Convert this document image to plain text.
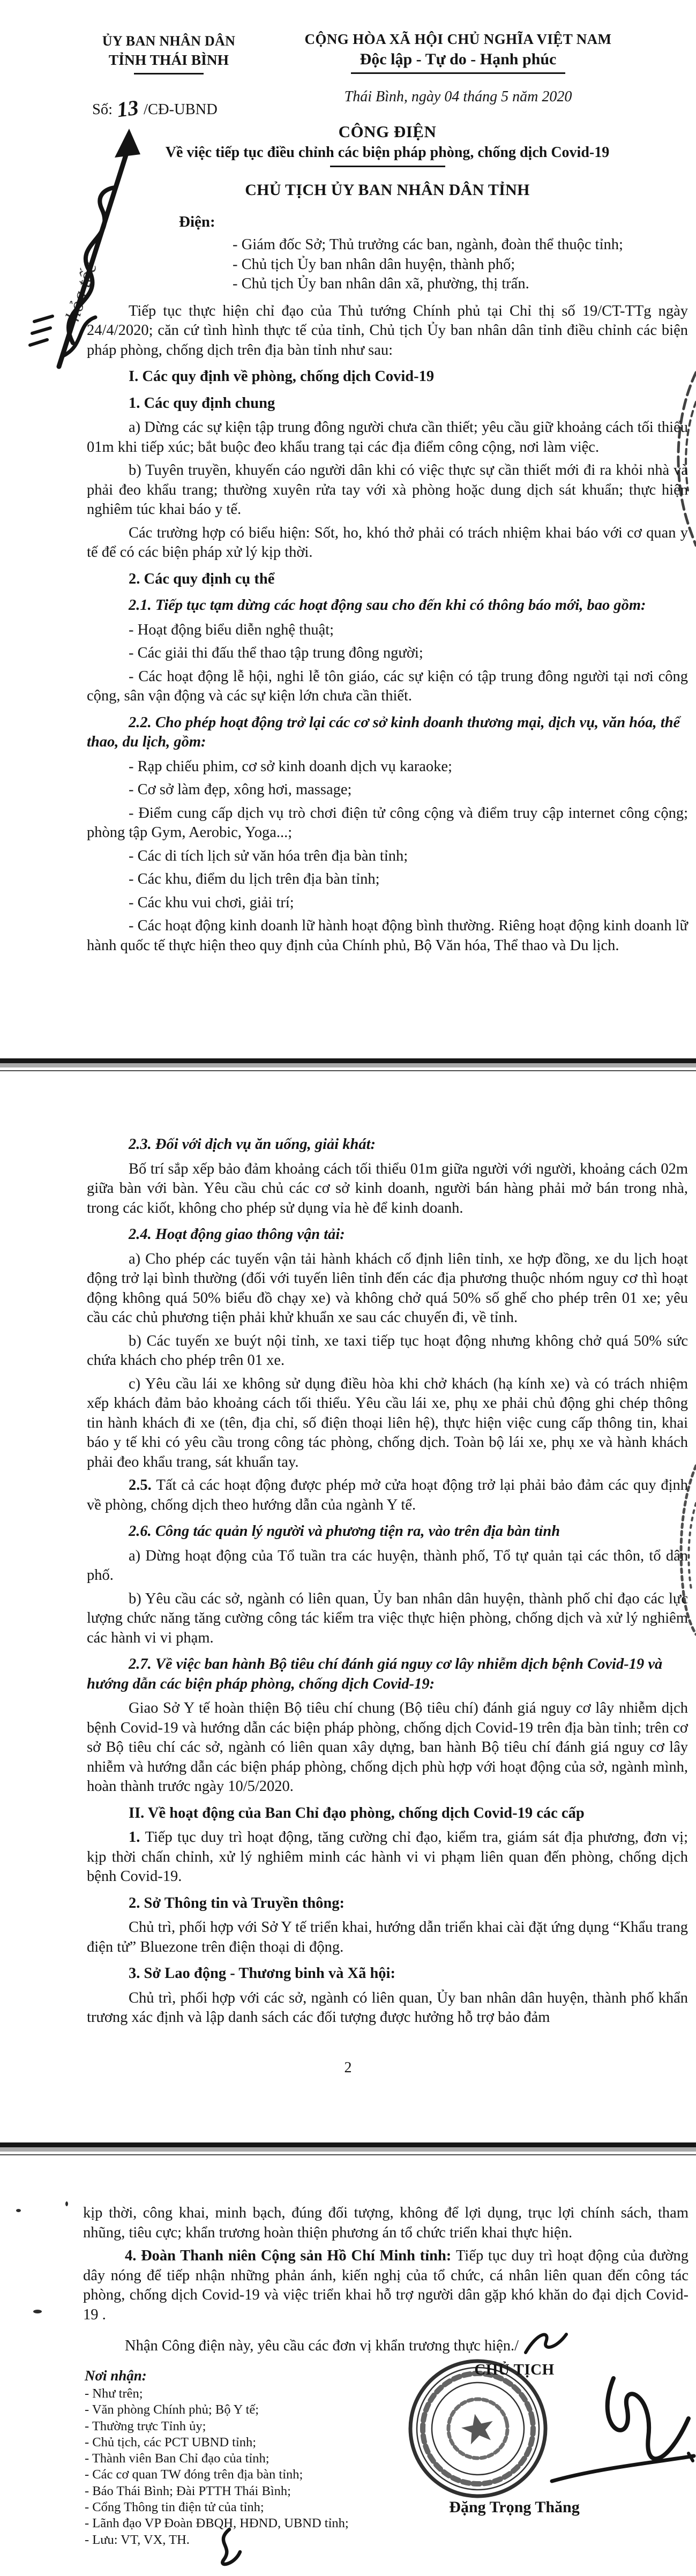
ỦY BAN NHÂN DÂN
TỈNH THÁI BÌNH
Số: 13 /CĐ-UBND
CỘNG HÒA XÃ HỘI CHỦ NGHĨA VIỆT NAM
Độc lập - Tự do - Hạnh phúc
Thái Bình, ngày 04 tháng 5 năm 2020
hỏa tốc
CÔNG ĐIỆN
Về việc tiếp tục điều chỉnh các biện pháp phòng, chống dịch Covid-19
CHỦ TỊCH ỦY BAN NHÂN DÂN TỈNH
Điện:
- Giám đốc Sở; Thủ trưởng các ban, ngành, đoàn thể thuộc tỉnh;
- Chủ tịch Ủy ban nhân dân huyện, thành phố;
- Chủ tịch Ủy ban nhân dân xã, phường, thị trấn.

Tiếp tục thực hiện chỉ đạo của Thủ tướng Chính phủ tại Chỉ thị số 19/CT-TTg ngày 24/4/2020; căn cứ tình hình thực tế của tỉnh, Chủ tịch Ủy ban nhân dân tỉnh điều chỉnh các biện pháp phòng, chống dịch trên địa bàn tỉnh như sau:

I. Các quy định về phòng, chống dịch Covid-19

1. Các quy định chung

a) Dừng các sự kiện tập trung đông người chưa cần thiết; yêu cầu giữ khoảng cách tối thiểu 01m khi tiếp xúc; bắt buộc đeo khẩu trang tại các địa điểm công cộng, nơi làm việc.

b) Tuyên truyền, khuyến cáo người dân khi có việc thực sự cần thiết mới đi ra khỏi nhà và phải đeo khẩu trang; thường xuyên rửa tay với xà phòng hoặc dung dịch sát khuẩn; thực hiện nghiêm túc khai báo y tế.

Các trường hợp có biểu hiện: Sốt, ho, khó thở phải có trách nhiệm khai báo với cơ quan y tế để có các biện pháp xử lý kịp thời.

2. Các quy định cụ thể

2.1. Tiếp tục tạm dừng các hoạt động sau cho đến khi có thông báo mới, bao gồm:

- Hoạt động biểu diễn nghệ thuật;

- Các giải thi đấu thể thao tập trung đông người;

- Các hoạt động lễ hội, nghi lễ tôn giáo, các sự kiện có tập trung đông người tại nơi công cộng, sân vận động và các sự kiện lớn chưa cần thiết.

2.2. Cho phép hoạt động trở lại các cơ sở kinh doanh thương mại, dịch vụ, văn hóa, thể thao, du lịch, gồm:

- Rạp chiếu phim, cơ sở kinh doanh dịch vụ karaoke;

- Cơ sở làm đẹp, xông hơi, massage;

- Điểm cung cấp dịch vụ trò chơi điện tử công cộng và điểm truy cập internet công cộng; phòng tập Gym, Aerobic, Yoga...;

- Các di tích lịch sử văn hóa trên địa bàn tỉnh;

- Các khu, điểm du lịch trên địa bàn tỉnh;

- Các khu vui chơi, giải trí;

- Các hoạt động kinh doanh lữ hành hoạt động bình thường. Riêng hoạt động kinh doanh lữ hành quốc tế thực hiện theo quy định của Chính phủ, Bộ Văn hóa, Thể thao và Du lịch.

2.3. Đối với dịch vụ ăn uống, giải khát:

Bố trí sắp xếp bảo đảm khoảng cách tối thiểu 01m giữa người với người, khoảng cách 02m giữa bàn với bàn. Yêu cầu chủ các cơ sở kinh doanh, người bán hàng phải mở bán trong nhà, trong các kiốt, không cho phép sử dụng vỉa hè để kinh doanh.

2.4. Hoạt động giao thông vận tải:

a) Cho phép các tuyến vận tải hành khách cố định liên tỉnh, xe hợp đồng, xe du lịch hoạt động trở lại bình thường (đối với tuyến liên tỉnh đến các địa phương thuộc nhóm nguy cơ thì hoạt động không quá 50% biểu đồ chạy xe) và không chở quá 50% số ghế cho phép trên 01 xe; yêu cầu các chủ phương tiện phải khử khuẩn xe sau các chuyến đi, về tỉnh.

b) Các tuyến xe buýt nội tỉnh, xe taxi tiếp tục hoạt động nhưng không chở quá 50% sức chứa khách cho phép trên 01 xe.

c) Yêu cầu lái xe không sử dụng điều hòa khi chở khách (hạ kính xe) và có trách nhiệm xếp khách đảm bảo khoảng cách tối thiểu. Yêu cầu lái xe, phụ xe phải chủ động ghi chép thông tin hành khách đi xe (tên, địa chỉ, số điện thoại liên hệ), thực hiện việc cung cấp thông tin, khai báo y tế khi có yêu cầu trong công tác phòng, chống dịch. Toàn bộ lái xe, phụ xe và hành khách phải đeo khẩu trang, sát khuẩn tay.

2.5. Tất cả các hoạt động được phép mở cửa hoạt động trở lại phải bảo đảm các quy định về phòng, chống dịch theo hướng dẫn của ngành Y tế.

2.6. Công tác quản lý người và phương tiện ra, vào trên địa bàn tỉnh

a) Dừng hoạt động của Tổ tuần tra các huyện, thành phố, Tổ tự quản tại các thôn, tổ dân phố.

b) Yêu cầu các sở, ngành có liên quan, Ủy ban nhân dân huyện, thành phố chỉ đạo các lực lượng chức năng tăng cường công tác kiểm tra việc thực hiện phòng, chống dịch và xử lý nghiêm các hành vi vi phạm.

2.7. Về việc ban hành Bộ tiêu chí đánh giá nguy cơ lây nhiễm dịch bệnh Covid-19 và hướng dẫn các biện pháp phòng, chống dịch Covid-19:

Giao Sở Y tế hoàn thiện Bộ tiêu chí chung (Bộ tiêu chí) đánh giá nguy cơ lây nhiễm dịch bệnh Covid-19 và hướng dẫn các biện pháp phòng, chống dịch Covid-19 trên địa bàn tỉnh; trên cơ sở Bộ tiêu chí các sở, ngành có liên quan xây dựng, ban hành Bộ tiêu chí đánh giá nguy cơ lây nhiễm và hướng dẫn các biện pháp phòng, chống dịch phù hợp với hoạt động của sở, ngành mình, hoàn thành trước ngày 10/5/2020.

II. Về hoạt động của Ban Chỉ đạo phòng, chống dịch Covid-19 các cấp

1. Tiếp tục duy trì hoạt động, tăng cường chỉ đạo, kiểm tra, giám sát địa phương, đơn vị; kịp thời chấn chỉnh, xử lý nghiêm minh các hành vi vi phạm liên quan đến phòng, chống dịch bệnh Covid-19.

2. Sở Thông tin và Truyền thông:

Chủ trì, phối hợp với Sở Y tế triển khai, hướng dẫn triển khai cài đặt ứng dụng “Khẩu trang điện tử” Bluezone trên điện thoại di động.

3. Sở Lao động - Thương binh và Xã hội:

Chủ trì, phối hợp với các sở, ngành có liên quan, Ủy ban nhân dân huyện, thành phố khẩn trương xác định và lập danh sách các đối tượng được hưởng hỗ trợ bảo đảm

2

kịp thời, công khai, minh bạch, đúng đối tượng, không để lợi dụng, trục lợi chính sách, tham nhũng, tiêu cực; khẩn trương hoàn thiện phương án tổ chức triển khai thực hiện.

4. Đoàn Thanh niên Cộng sản Hồ Chí Minh tỉnh: Tiếp tục duy trì hoạt động của đường dây nóng để tiếp nhận những phản ánh, kiến nghị của tổ chức, cá nhân liên quan đến công tác phòng, chống dịch Covid-19 và việc triển khai hỗ trợ người dân gặp khó khăn do đại dịch Covid-19 .

Nhận Công điện này, yêu cầu các đơn vị khẩn trương thực hiện./
CHỦ TỊCH
Đặng Trọng Thăng
Nơi nhận:
- Như trên;
- Văn phòng Chính phủ; Bộ Y tế;
- Thường trực Tỉnh ủy;
- Chủ tịch, các PCT UBND tỉnh;
- Thành viên Ban Chỉ đạo của tỉnh;
- Các cơ quan TW đóng trên địa bàn tỉnh;
- Báo Thái Bình; Đài PTTH Thái Bình;
- Cổng Thông tin điện tử của tỉnh;
- Lãnh đạo VP Đoàn ĐBQH, HĐND, UBND tỉnh;
- Lưu: VT, VX, TH.
